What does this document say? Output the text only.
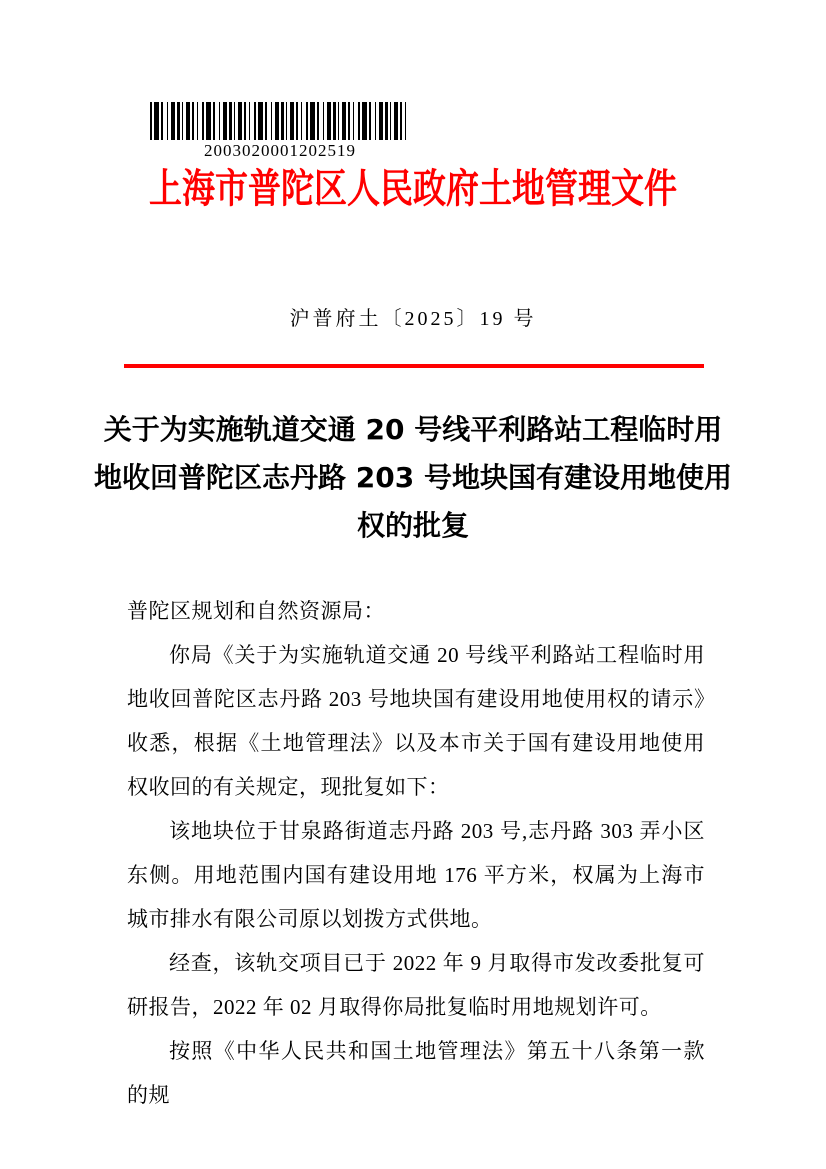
2003020001202519
上海市普陀区人民政府土地管理文件
沪普府土〔2025〕19 号
关于为实施轨道交通 20 号线平利路站工程临时用
地收回普陀区志丹路 203 号地块国有建设用地使用
权的批复

普陀区规划和自然资源局：

你局《关于为实施轨道交通 20 号线平利路站工程临时用地收回普陀区志丹路 203 号地块国有建设用地使用权的请示》收悉，根据《土地管理法》以及本市关于国有建设用地使用权收回的有关规定，现批复如下：

该地块位于甘泉路街道志丹路 203 号,志丹路 303 弄小区东侧。用地范围内国有建设用地 176 平方米，权属为上海市城市排水有限公司原以划拨方式供地。

经查，该轨交项目已于 2022 年 9 月取得市发改委批复可研报告，2022 年 02 月取得你局批复临时用地规划许可。

按照《中华人民共和国土地管理法》第五十八条第一款的规
